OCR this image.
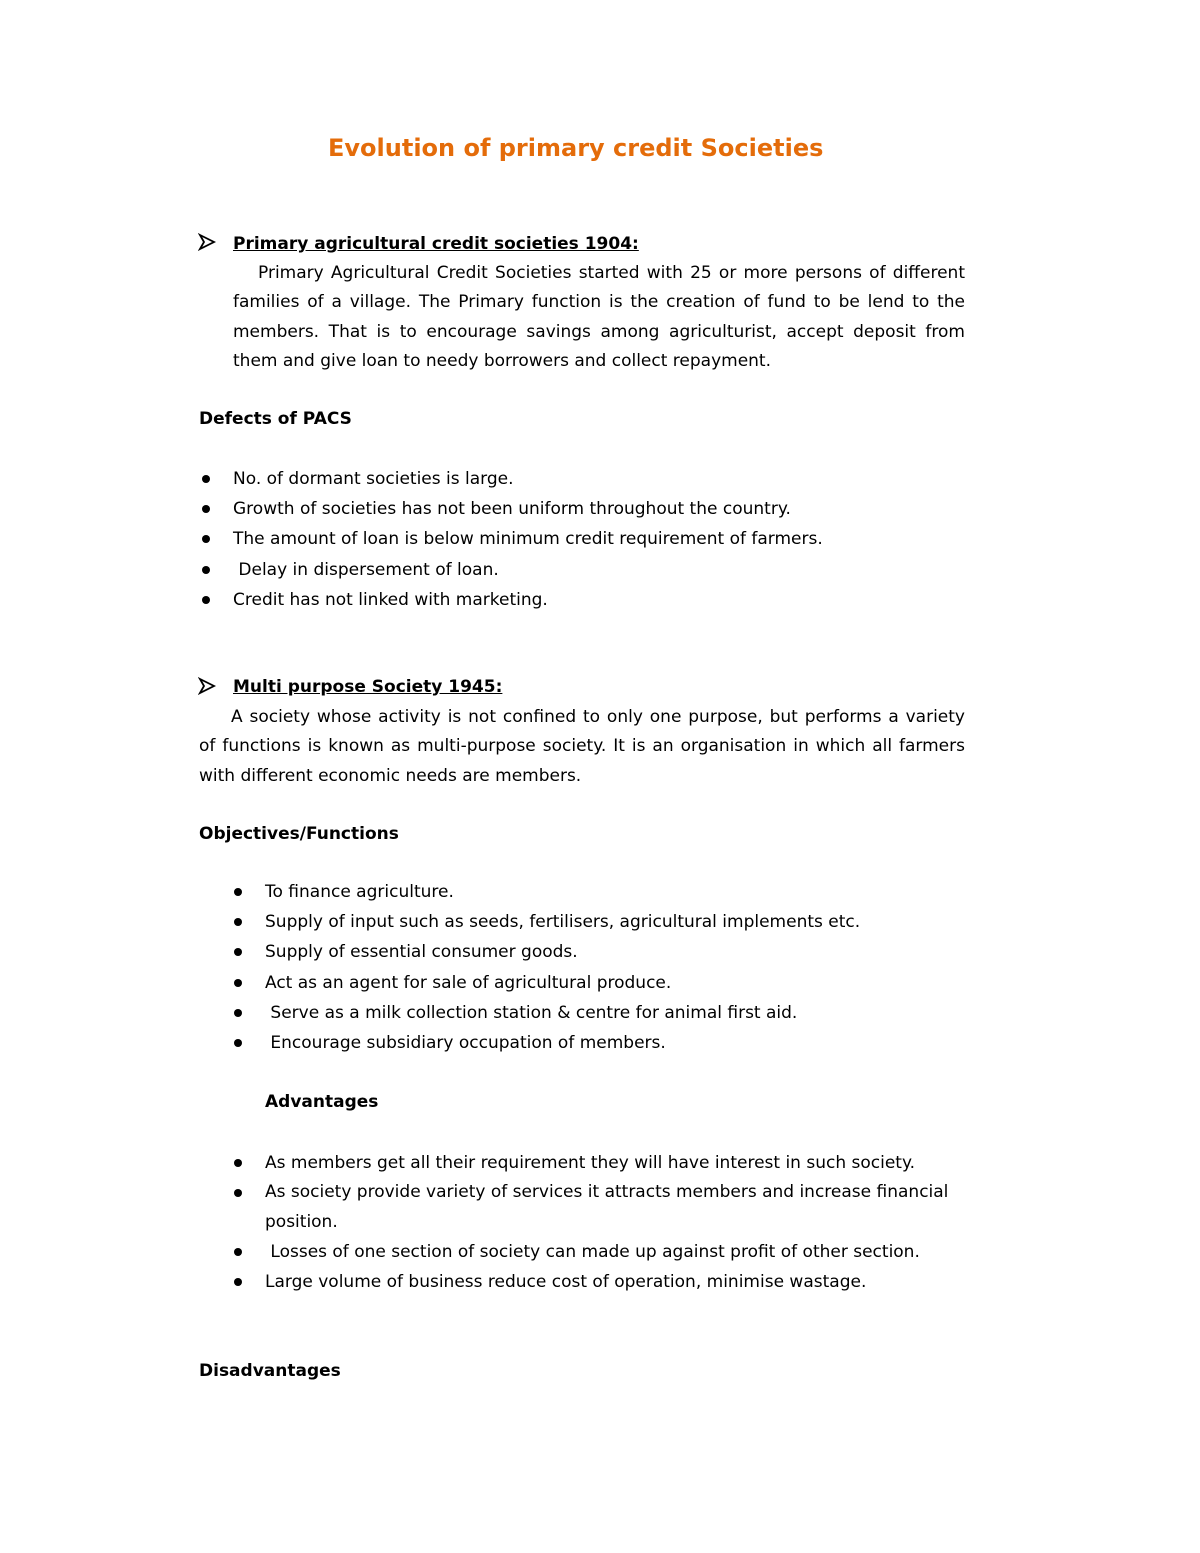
Evolution of primary credit Societies
Primary agricultural credit societies 1904:

Primary Agricultural Credit Societies started with 25 or more persons of different families of a village. The Primary function is the creation of fund to be lend to the members. That is to encourage savings among agriculturist, accept deposit from them and give loan to needy borrowers and collect repayment.

Defects of PACS
No. of dormant societies is large.
Growth of societies has not been uniform throughout the country.
The amount of loan is below minimum credit requirement of farmers.
Delay in dispersement of loan.
Credit has not linked with marketing.
Multi purpose Society 1945:

A society whose activity is not confined to only one purpose, but performs a variety of functions is known as multi-purpose society. It is an organisation in which all farmers with different economic needs are members.

Objectives/Functions
To finance agriculture.
Supply of input such as seeds, fertilisers, agricultural implements etc.
Supply of essential consumer goods.
Act as an agent for sale of agricultural produce.
Serve as a milk collection station & centre for animal first aid.
Encourage subsidiary occupation of members.
Advantages
As members get all their requirement they will have interest in such society.
As society provide variety of services it attracts members and increase financial position.
Losses of one section of society can made up against profit of other section.
Large volume of business reduce cost of operation, minimise wastage.
Disadvantages
